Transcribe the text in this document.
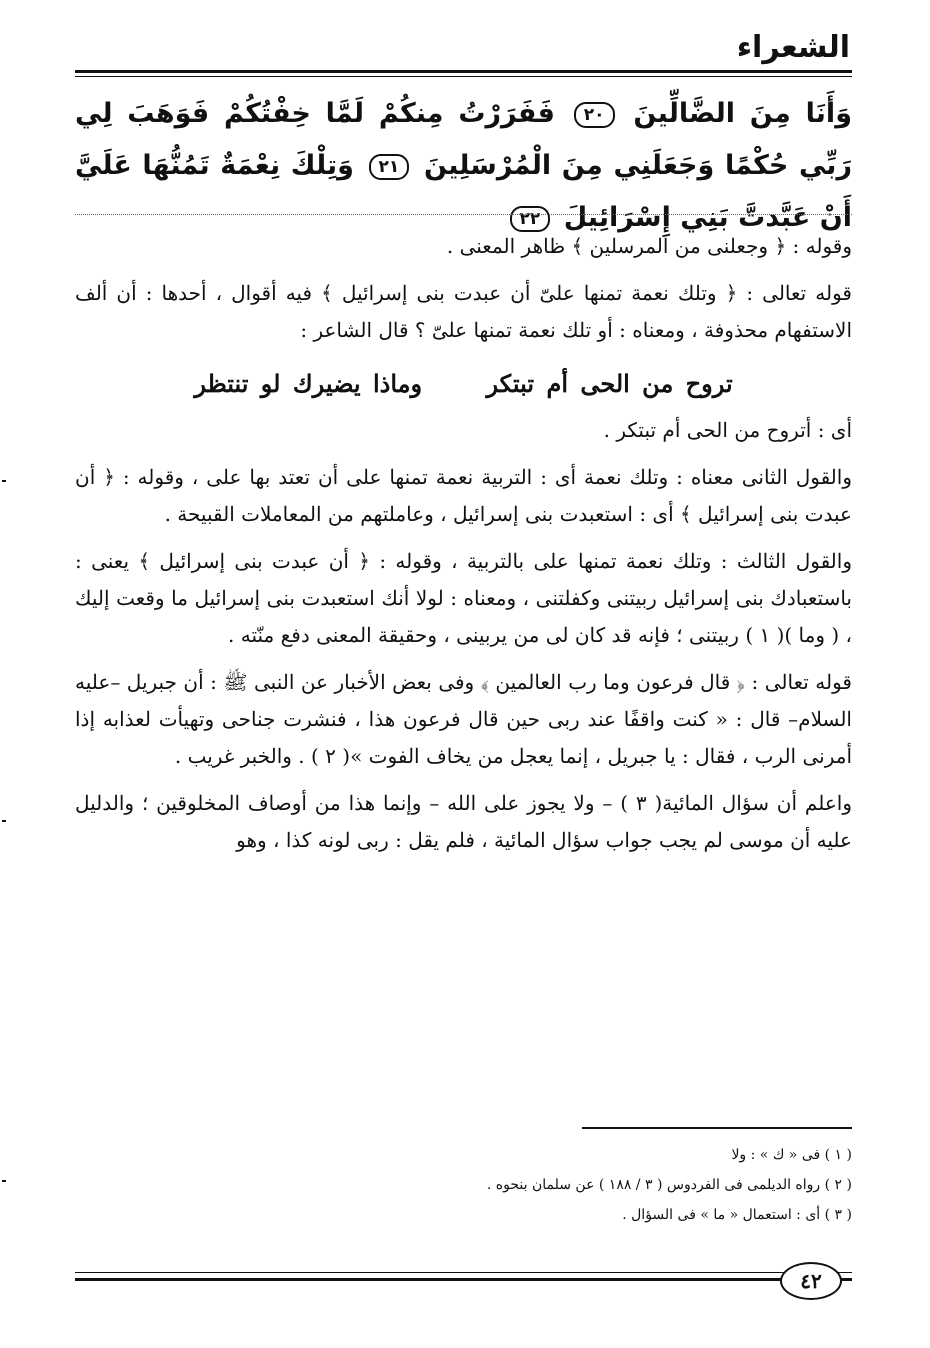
الشعراء
وَأَنَا مِنَ الضَّالِّينَ ٢٠ فَفَرَرْتُ مِنكُمْ لَمَّا خِفْتُكُمْ فَوَهَبَ لِي رَبِّي حُكْمًا وَجَعَلَنِي مِنَ الْمُرْسَلِينَ ٢١ وَتِلْكَ نِعْمَةٌ تَمُنُّهَا عَلَيَّ أَنْ عَبَّدتَّ بَنِي إِسْرَائِيلَ ٢٢

وقوله : ﴿ وجعلنى من المرسلين ﴾ ظاهر المعنى .

قوله تعالى : ﴿ وتلك نعمة تمنها علىّ أن عبدت بنى إسرائيل ﴾ فيه أقوال ، أحدها : أن ألف الاستفهام محذوفة ، ومعناه : أو تلك نعمة تمنها علىّ ؟ قال الشاعر :

تروح من الحى أم تبتكر وماذا يضيرك لو تنتظر

أى : أتروح من الحى أم تبتكر .

والقول الثانى معناه : وتلك نعمة أى : التربية نعمة تمنها على أن تعتد بها على ، وقوله : ﴿ أن عبدت بنى إسرائيل ﴾ أى : استعبدت بنى إسرائيل ، وعاملتهم من المعاملات القبيحة .

والقول الثالث : وتلك نعمة تمنها على بالتربية ، وقوله : ﴿ أن عبدت بنى إسرائيل ﴾ يعنى : باستعبادك بنى إسرائيل ربيتنى وكفلتنى ، ومعناه : لولا أنك استعبدت بنى إسرائيل ما وقعت إليك ، ( وما )( ١ ) ربيتنى ؛ فإنه قد كان لى من يربينى ، وحقيقة المعنى دفع منّته .

قوله تعالى : ﴿ قال فرعون وما رب العالمين ﴾ وفى بعض الأخبار عن النبى ﷺ : أن جبريل –عليه السلام– قال : « كنت واقفًا عند ربى حين قال فرعون هذا ، فنشرت جناحى وتهيأت لعذابه إذا أمرنى الرب ، فقال : يا جبريل ، إنما يعجل من يخاف الفوت »( ٢ ) . والخبر غريب .

واعلم أن سؤال المائية( ٣ ) – ولا يجوز على الله – وإنما هذا من أوصاف المخلوقين ؛ والدليل عليه أن موسى لم يجب جواب سؤال المائية ، فلم يقل : ربى لونه كذا ، وهو

( ١ ) فى « ك » : ولا
( ٢ ) رواه الديلمى فى الفردوس ( ٣ / ١٨٨ ) عن سلمان بنحوه .
( ٣ ) أى : استعمال « ما » فى السؤال .
٤٢
